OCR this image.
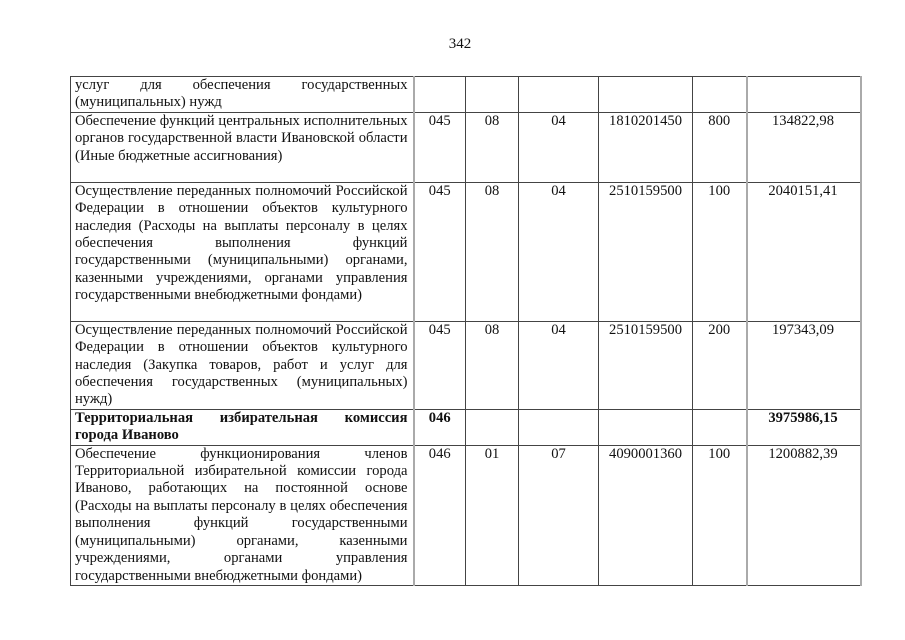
342
услуг для обеспечения государственных (муниципальных) нужд						
Обеспечение функций центральных исполнительных органов государственной власти Ивановской области (Иные бюджетные ассигнования)	045	08	04	1810201450	800	134822,98
Осуществление переданных полномочий Российской Федерации в отношении объектов культурного наследия (Расходы на выплаты персоналу в целях обеспечения выполнения функций государственными (муниципальными) органами, казенными учреждениями, органами управления государственными внебюджетными фондами)	045	08	04	2510159500	100	2040151,41
Осуществление переданных полномочий Российской Федерации в отношении объектов культурного наследия (Закупка товаров, работ и услуг для обеспечения государственных (муниципальных) нужд)	045	08	04	2510159500	200	197343,09
Территориальная избирательная комиссия города Иваново	046					3975986,15
Обеспечение функционирования членов Территориальной избирательной комиссии города Иваново, работающих на постоянной основе (Расходы на выплаты персоналу в целях обеспечения выполнения функций государственными (муниципальными) органами, казенными учреждениями, органами управления государственными внебюджетными фондами)	046	01	07	4090001360	100	1200882,39
